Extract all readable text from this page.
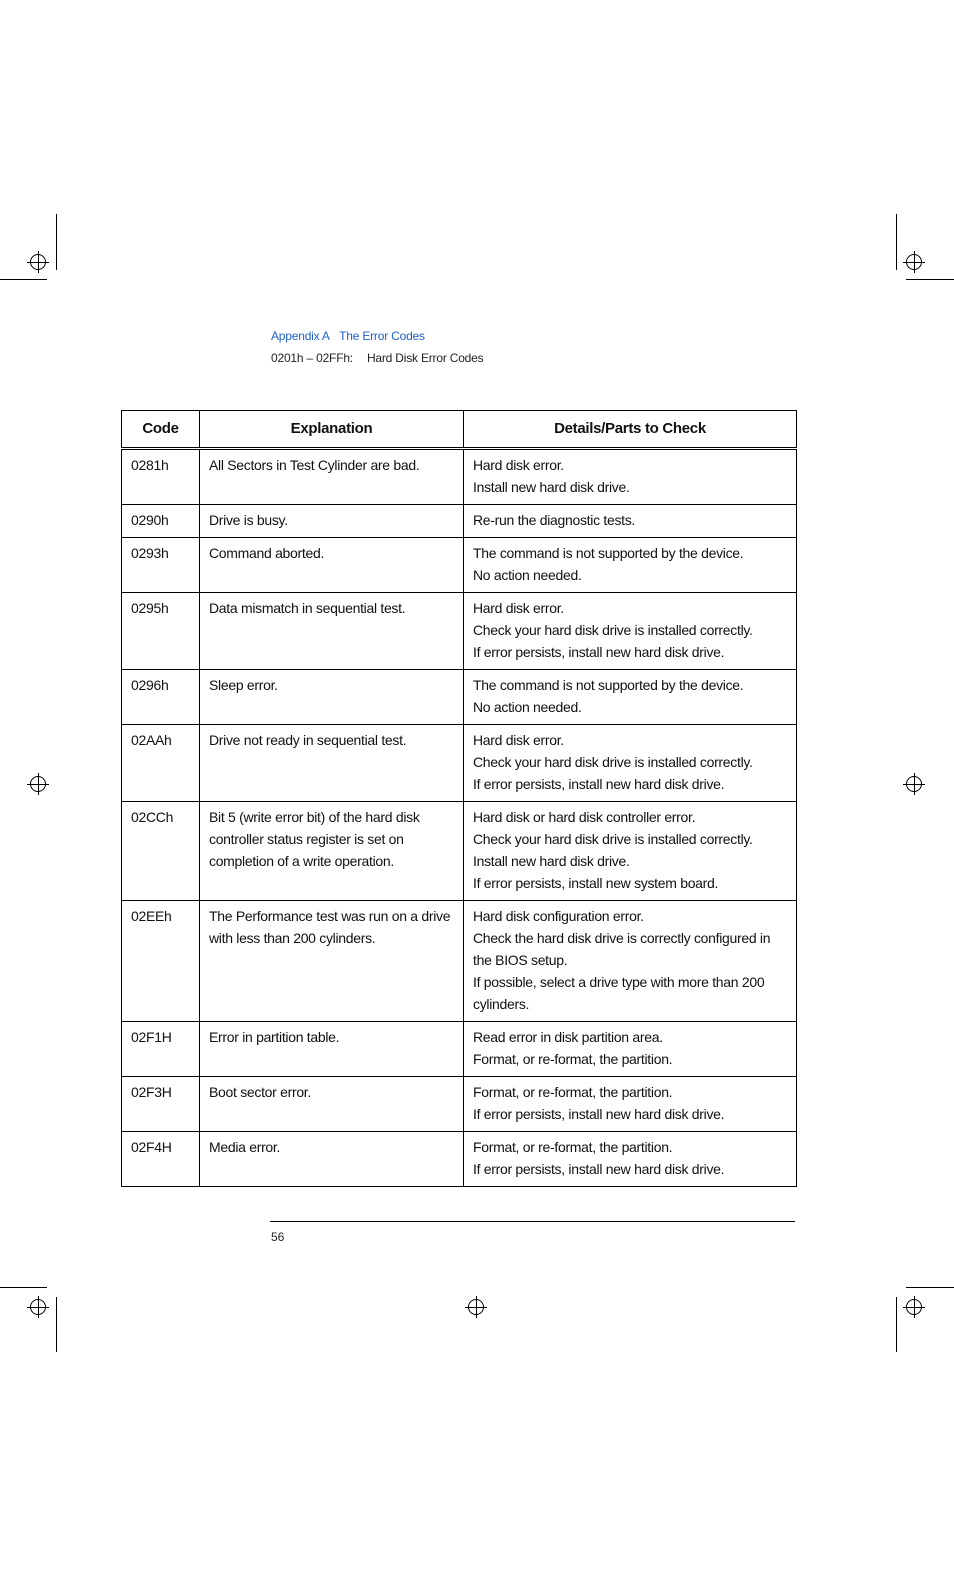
Appendix A The Error Codes
0201h – 02FFh: Hard Disk Error Codes
Code	Explanation	Details/Parts to Check
0281h	All Sectors in Test Cylinder are bad.	Hard disk error.
Install new hard disk drive.

0290h	Drive is busy.	Re-run the diagnostic tests.

0293h	Command aborted.	The command is not supported by the device.
No action needed.

0295h	Data mismatch in sequential test.	Hard disk error.
Check your hard disk drive is installed correctly.
If error persists, install new hard disk drive.

0296h	Sleep error.	The command is not supported by the device.
No action needed.

02AAh	Drive not ready in sequential test.	Hard disk error.
Check your hard disk drive is installed correctly.
If error persists, install new hard disk drive.

02CCh	Bit 5 (write error bit) of the hard disk
controller status register is set on
completion of a write operation.	Hard disk or hard disk controller error.
Check your hard disk drive is installed correctly.
Install new hard disk drive.
If error persists, install new system board.

02EEh	The Performance test was run on a drive
with less than 200 cylinders.	Hard disk configuration error.
Check the hard disk drive is correctly configured in
the BIOS setup.
If possible, select a drive type with more than 200
cylinders.

02F1H	Error in partition table.	Read error in disk partition area.
Format, or re-format, the partition.

02F3H	Boot sector error.	Format, or re-format, the partition.
If error persists, install new hard disk drive.

02F4H	Media error.	Format, or re-format, the partition.
If error persists, install new hard disk drive.
56
